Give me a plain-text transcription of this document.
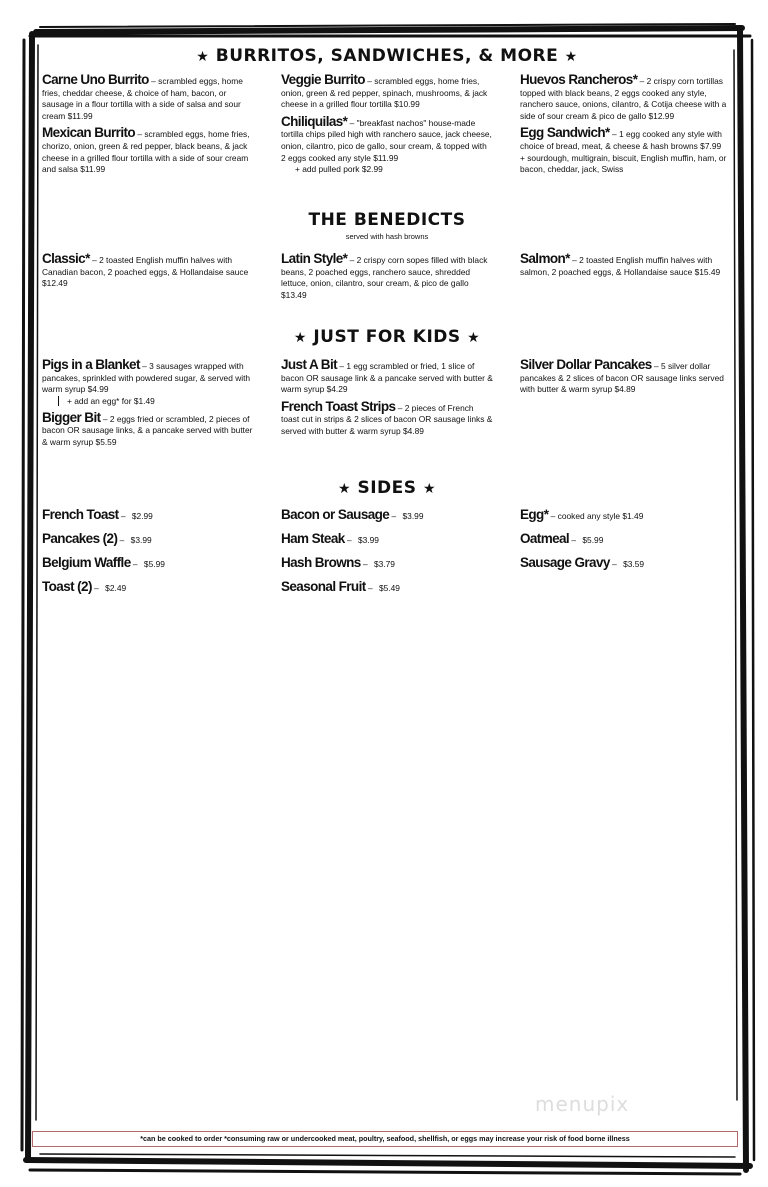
★ BURRITOS, SANDWICHES, & MORE ★
Carne Uno Burrito – scrambled eggs, home fries, cheddar cheese, & choice of ham, bacon, or sausage in a flour tortilla with a side of salsa and sour cream $11.99
Mexican Burrito – scrambled eggs, home fries, chorizo, onion, green & red pepper, black beans, & jack cheese in a grilled flour tortilla with a side of sour cream and salsa $11.99
Veggie Burrito – scrambled eggs, home fries, onion, green & red pepper, spinach, mushrooms, & jack cheese in a grilled flour tortilla $10.99
Chiliquilas* – "breakfast nachos" house-made tortilla chips piled high with ranchero sauce, jack cheese, onion, cilantro, pico de gallo, sour cream, & topped with 2 eggs cooked any style $11.99
+ add pulled pork $2.99
Huevos Rancheros* – 2 crispy corn tortillas topped with black beans, 2 eggs cooked any style, ranchero sauce, onions, cilantro, & Cotija cheese with a side of sour cream & pico de gallo $12.99
Egg Sandwich* – 1 egg cooked any style with choice of bread, meat, & cheese & hash browns $7.99
+ sourdough, multigrain, biscuit, English muffin, ham, or bacon, cheddar, jack, Swiss
THE BENEDICTS
served with hash browns
Classic* – 2 toasted English muffin halves with Canadian bacon, 2 poached eggs, & Hollandaise sauce $12.49
Latin Style* – 2 crispy corn sopes filled with black beans, 2 poached eggs, ranchero sauce, shredded lettuce, onion, cilantro, sour cream, & pico de gallo $13.49
Salmon* – 2 toasted English muffin halves with salmon, 2 poached eggs, & Hollandaise sauce $15.49
★ JUST FOR KIDS ★
Pigs in a Blanket – 3 sausages wrapped with pancakes, sprinkled with powdered sugar, & served with warm syrup $4.99
+ add an egg* for $1.49
Bigger Bit – 2 eggs fried or scrambled, 2 pieces of bacon OR sausage links, & a pancake served with butter & warm syrup $5.59
Just A Bit – 1 egg scrambled or fried, 1 slice of bacon OR sausage link & a pancake served with butter & warm syrup $4.29
French Toast Strips – 2 pieces of French toast cut in strips & 2 slices of bacon OR sausage links & served with butter & warm syrup $4.89
Silver Dollar Pancakes – 5 silver dollar pancakes & 2 slices of bacon OR sausage links served with butter & warm syrup $4.89
★ SIDES ★
French Toast – $2.99
Pancakes (2) – $3.99
Belgium Waffle – $5.99
Toast (2) – $2.49
Bacon or Sausage – $3.99
Ham Steak – $3.99
Hash Browns – $3.79
Seasonal Fruit – $5.49
Egg* – cooked any style $1.49
Oatmeal – $5.99
Sausage Gravy – $3.59
menupix
*can be cooked to order *consuming raw or undercooked meat, poultry, seafood, shellfish, or eggs may increase your risk of food borne illness
